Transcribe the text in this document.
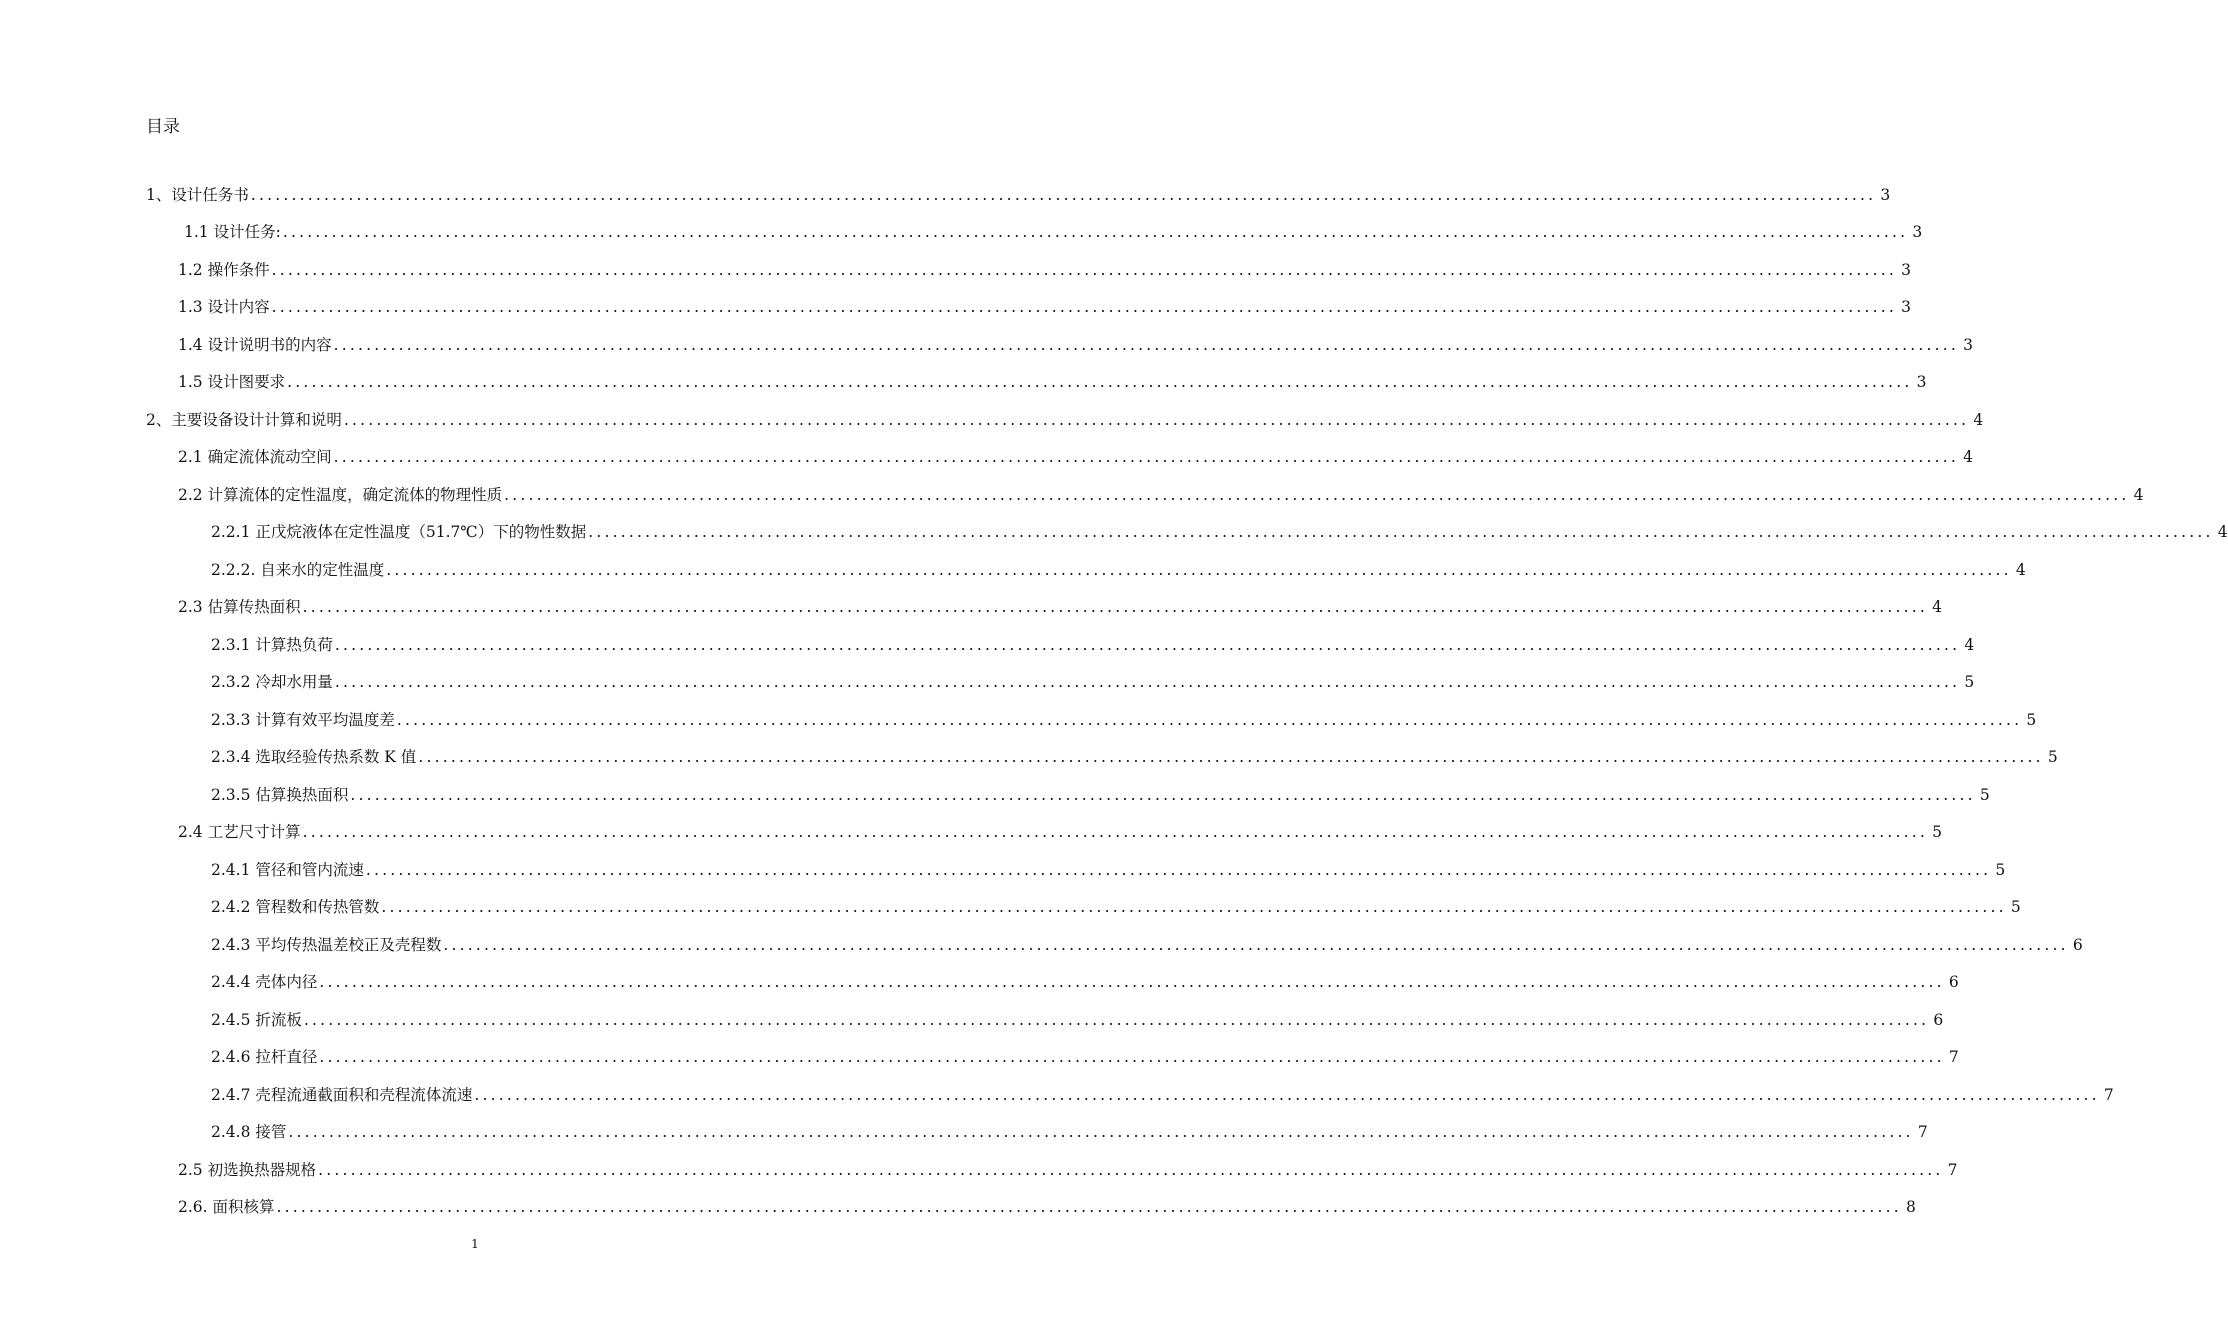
目录
1、设计任务书 ........................................................................................................................................................................................................ 3
1.1 设计任务: ........................................................................................................................................................................................................ 3
1.2 操作条件 ........................................................................................................................................................................................................ 3
1.3 设计内容 ........................................................................................................................................................................................................ 3
1.4 设计说明书的内容 ........................................................................................................................................................................................................ 3
1.5 设计图要求 ........................................................................................................................................................................................................ 3
2、主要设备设计计算和说明 ........................................................................................................................................................................................................ 4
2.1 确定流体流动空间 ........................................................................................................................................................................................................ 4
2.2 计算流体的定性温度，确定流体的物理性质 ........................................................................................................................................................................................................ 4
2.2.1 正戊烷液体在定性温度（51.7℃）下的物性数据 ........................................................................................................................................................................................................ 4
2.2.2. 自来水的定性温度 ........................................................................................................................................................................................................ 4
2.3 估算传热面积 ........................................................................................................................................................................................................ 4
2.3.1 计算热负荷 ........................................................................................................................................................................................................ 4
2.3.2 冷却水用量 ........................................................................................................................................................................................................ 5
2.3.3 计算有效平均温度差 ........................................................................................................................................................................................................ 5
2.3.4 选取经验传热系数 K 值 ........................................................................................................................................................................................................ 5
2.3.5 估算换热面积 ........................................................................................................................................................................................................ 5
2.4 工艺尺寸计算 ........................................................................................................................................................................................................ 5
2.4.1 管径和管内流速 ........................................................................................................................................................................................................ 5
2.4.2 管程数和传热管数 ........................................................................................................................................................................................................ 5
2.4.3 平均传热温差校正及壳程数 ........................................................................................................................................................................................................ 6
2.4.4 壳体内径 ........................................................................................................................................................................................................ 6
2.4.5 折流板 ........................................................................................................................................................................................................ 6
2.4.6 拉杆直径 ........................................................................................................................................................................................................ 7
2.4.7 壳程流通截面积和壳程流体流速 ........................................................................................................................................................................................................ 7
2.4.8 接管 ........................................................................................................................................................................................................ 7
2.5 初选换热器规格 ........................................................................................................................................................................................................ 7
2.6. 面积核算 ........................................................................................................................................................................................................ 8
1
